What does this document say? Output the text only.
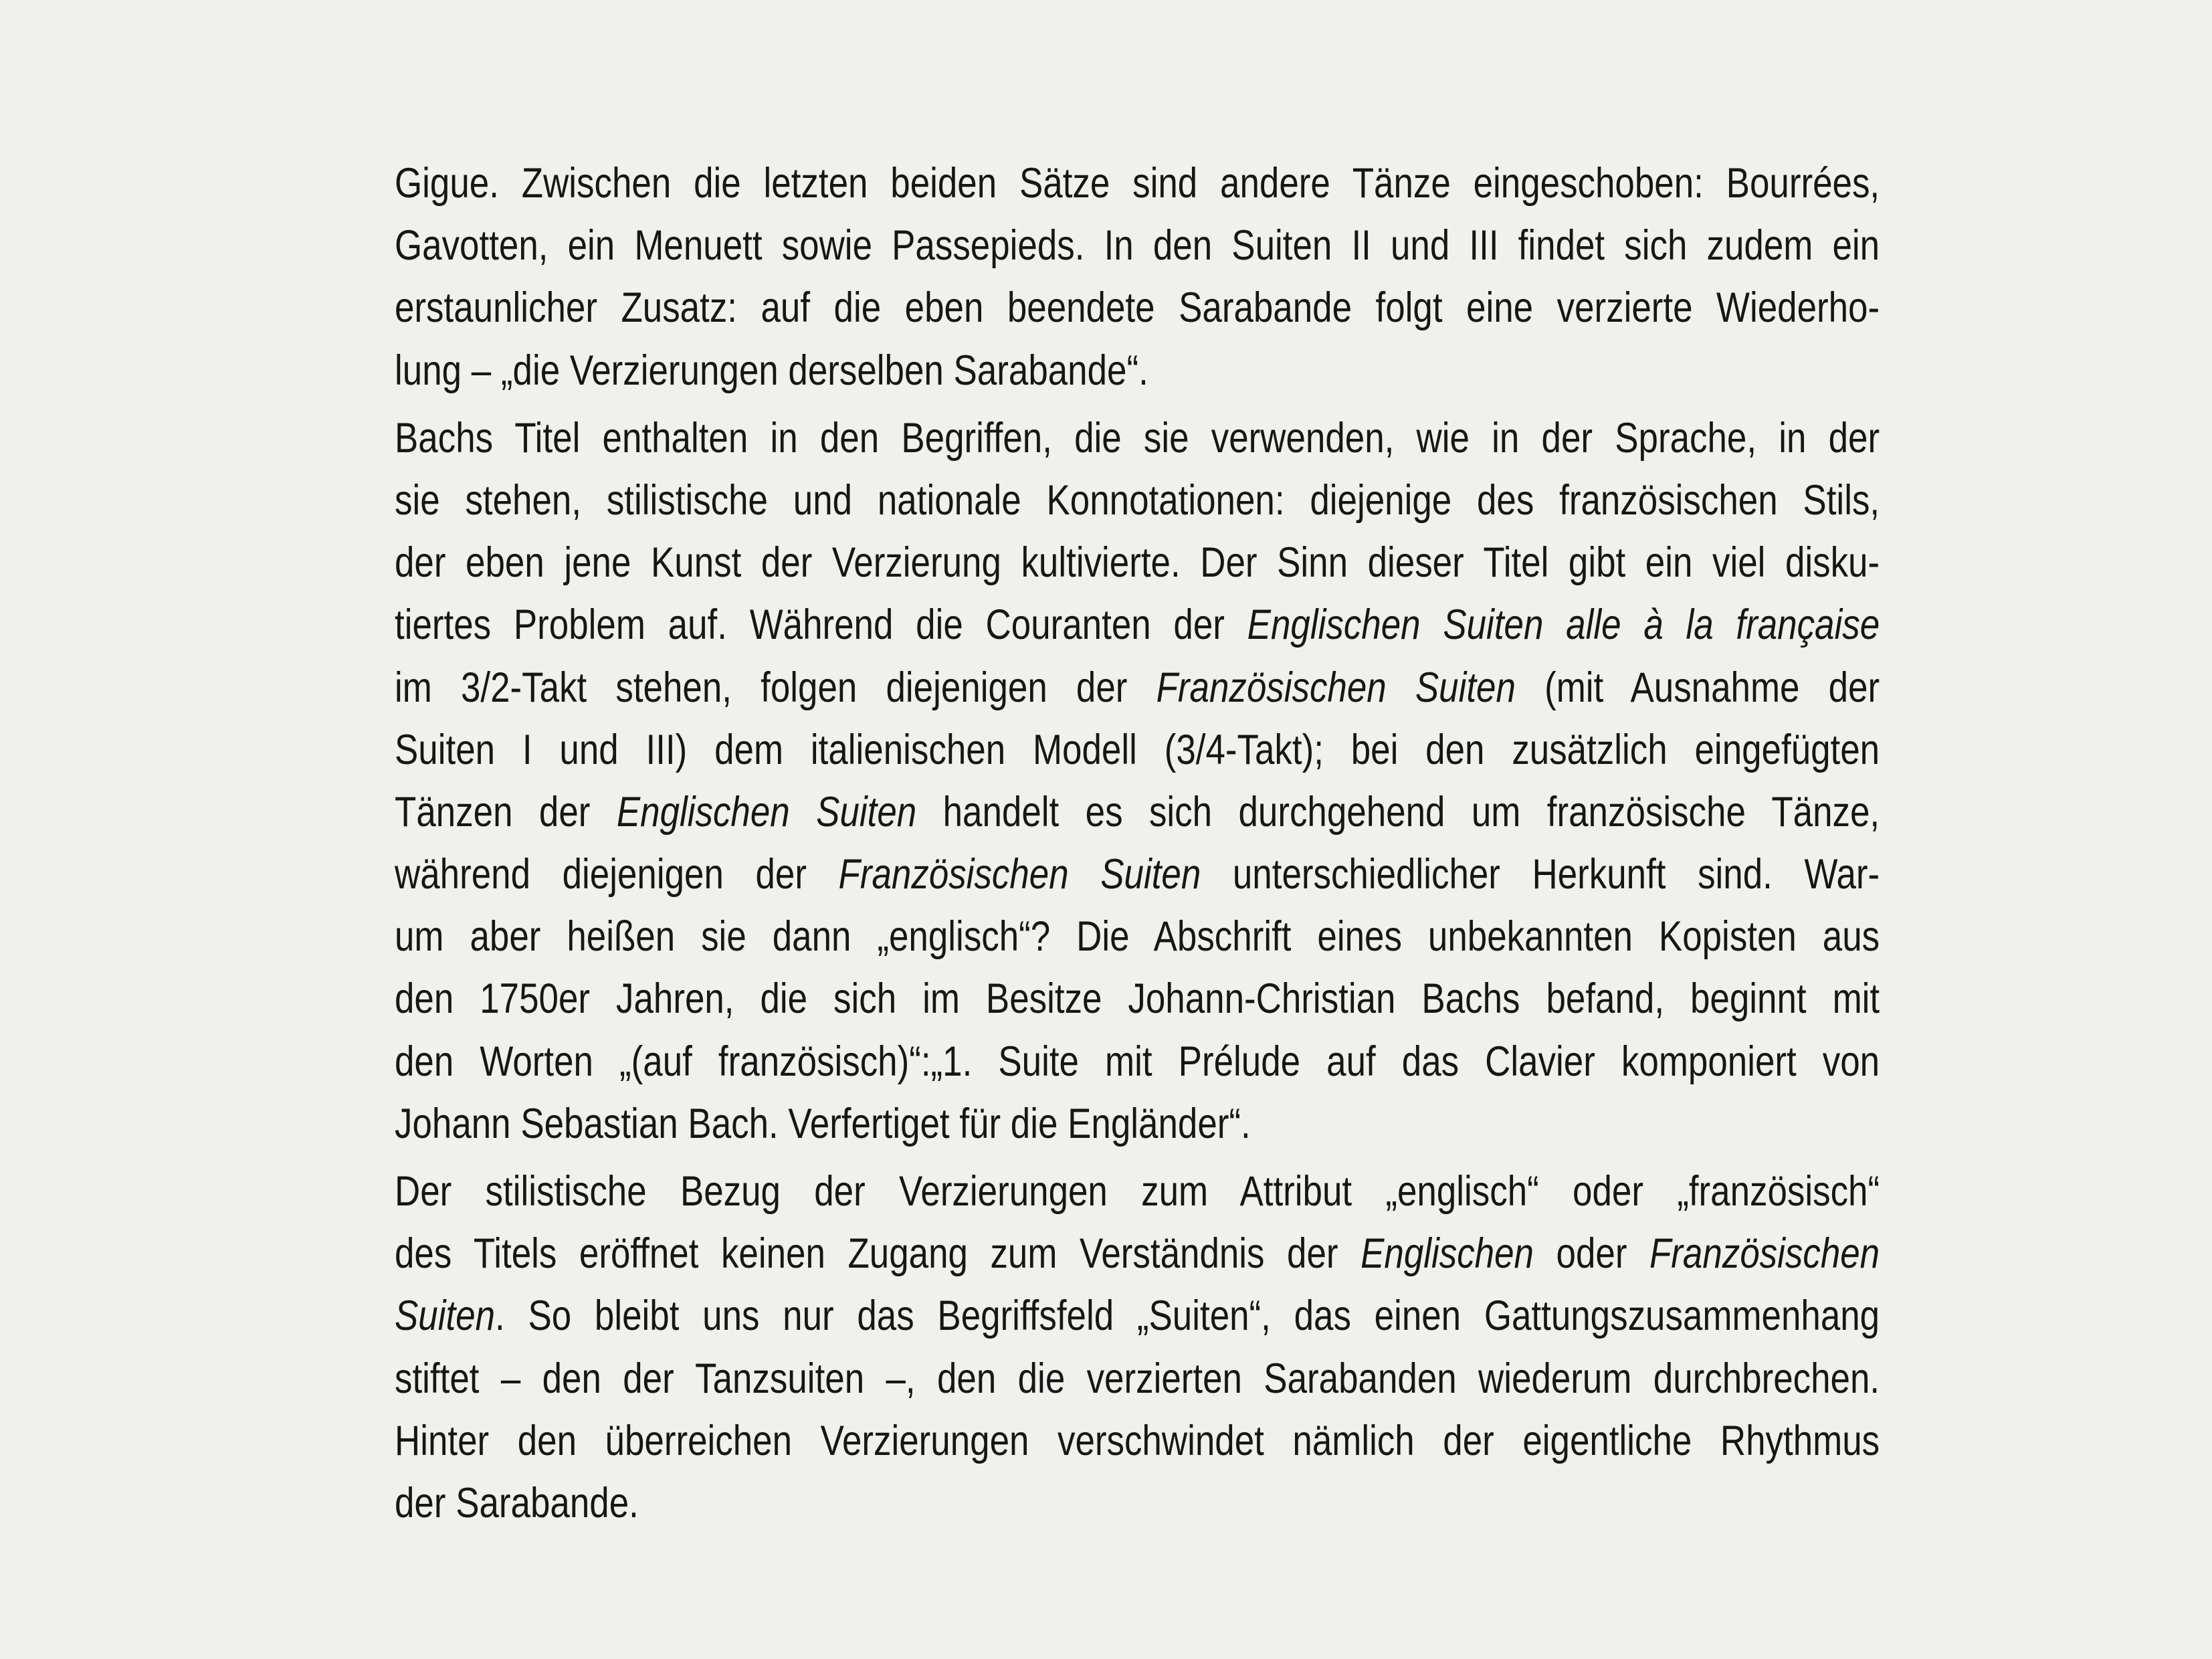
Gigue. Zwischen die letzten beiden Sätze sind andere Tänze eingeschoben: Bourrées,
Gavotten, ein Menuett sowie Passepieds. In den Suiten II und III findet sich zudem ein
erstaunlicher Zusatz: auf die eben beendete Sarabande folgt eine verzierte Wiederho-
lung – „die Verzierungen derselben Sarabande“.
Bachs Titel enthalten in den Begriffen, die sie verwenden, wie in der Sprache, in der
sie stehen, stilistische und nationale Konnotationen: diejenige des französischen Stils,
der eben jene Kunst der Verzierung kultivierte. Der Sinn dieser Titel gibt ein viel disku-
tiertes Problem auf. Während die Couranten der Englischen Suiten alle à la française
im 3/2-Takt stehen, folgen diejenigen der Französischen Suiten (mit Ausnahme der
Suiten I und III) dem italienischen Modell (3/4-Takt); bei den zusätzlich eingefügten
Tänzen der Englischen Suiten handelt es sich durchgehend um französische Tänze,
während diejenigen der Französischen Suiten unterschiedlicher Herkunft sind. War-
um aber heißen sie dann „englisch“? Die Abschrift eines unbekannten Kopisten aus
den 1750er Jahren, die sich im Besitze Johann-Christian Bachs befand, beginnt mit
den Worten „(auf französisch)“:„1. Suite mit Prélude auf das Clavier komponiert von
Johann Sebastian Bach. Verfertiget für die Engländer“.
Der stilistische Bezug der Verzierungen zum Attribut „englisch“ oder „französisch“
des Titels eröffnet keinen Zugang zum Verständnis der Englischen oder Französischen
Suiten. So bleibt uns nur das Begriffsfeld „Suiten“, das einen Gattungszusammenhang
stiftet – den der Tanzsuiten –, den die verzierten Sarabanden wiederum durchbrechen.
Hinter den überreichen Verzierungen verschwindet nämlich der eigentliche Rhythmus
der Sarabande.
